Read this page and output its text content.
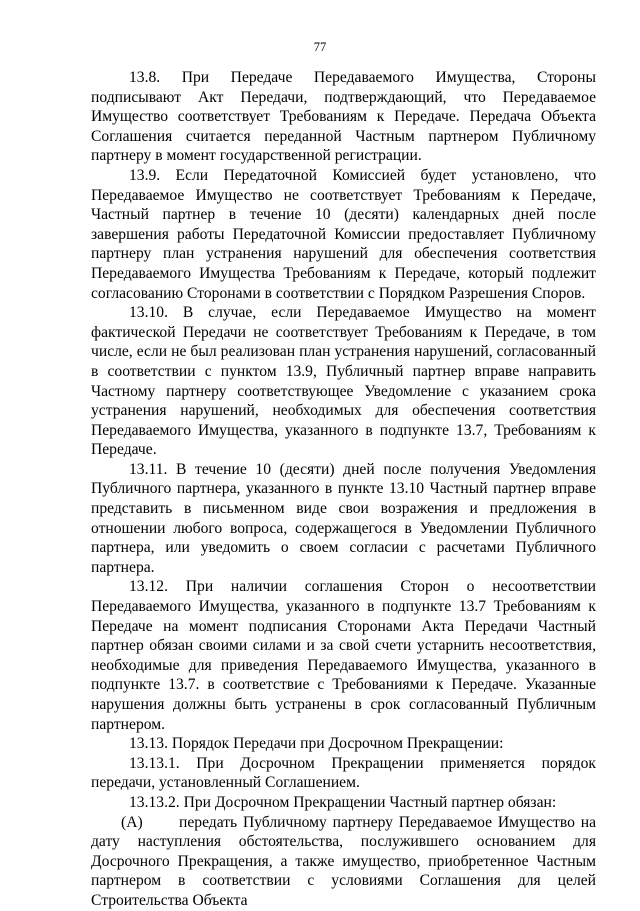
77

13.8. При Передаче Передаваемого Имущества, Стороны подписывают Акт Передачи, подтверждающий, что Передаваемое Имущество соответствует Требованиям к Передаче. Передача Объекта Соглашения считается переданной Частным партнером Публичному партнеру в момент государственной регистрации.

13.9. Если Передаточной Комиссией будет установлено, что Передаваемое Имущество не соответствует Требованиям к Передаче, Частный партнер в течение 10 (десяти) календарных дней после завершения работы Передаточной Комиссии предоставляет Публичному партнеру план устранения нарушений для обеспечения соответствия Передаваемого Имущества Требованиям к Передаче, который подлежит согласованию Сторонами в соответствии с Порядком Разрешения Споров.

13.10. В случае, если Передаваемое Имущество на момент фактической Передачи не соответствует Требованиям к Передаче, в том числе, если не был реализован план устранения нарушений, согласованный в соответствии с пунктом 13.9, Публичный партнер вправе направить Частному партнеру соответствующее Уведомление с указанием срока устранения нарушений, необходимых для обеспечения соответствия Передаваемого Имущества, указанного в подпункте 13.7, Требованиям к Передаче.

13.11. В течение 10 (десяти) дней после получения Уведомления Публичного партнера, указанного в пункте 13.10 Частный партнер вправе представить в письменном виде свои возражения и предложения в отношении любого вопроса, содержащегося в Уведомлении Публичного партнера, или уведомить о своем согласии с расчетами Публичного партнера.

13.12. При наличии соглашения Сторон о несоответствии Передаваемого Имущества, указанного в подпункте 13.7 Требованиям к Передаче на момент подписания Сторонами Акта Передачи Частный партнер обязан своими силами и за свой счети устарнить несоответствия, необходимые для приведения Передаваемого Имущества, указанного в подпункте 13.7. в соответствие с Требованиями к Передаче. Указанные нарушения должны быть устранены в срок согласованный Публичным партнером.

13.13. Порядок Передачи при Досрочном Прекращении:

13.13.1. При Досрочном Прекращении применяется порядок передачи, установленный Соглашением.

13.13.2. При Досрочном Прекращении Частный партнер обязан:

(А) передать Публичному партнеру Передаваемое Имущество на дату наступления обстоятельства, послужившего основанием для Досрочного Прекращения, а также имущество, приобретенное Частным партнером в соответствии с условиями Соглашения для целей Строительства Объекта
